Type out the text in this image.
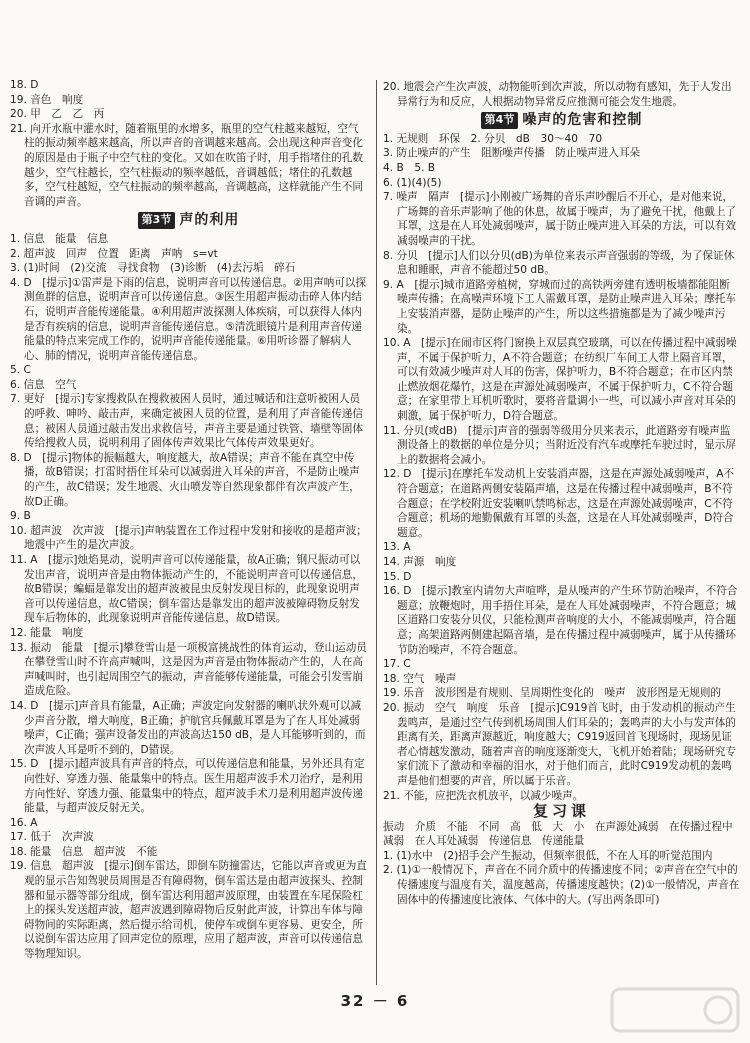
18. D

19. 音色　响度

20. 甲　乙　乙　丙

21. 向开水瓶中灌水时，随着瓶里的水增多，瓶里的空气柱越来越短，空气柱的振动频率越来越高，所以声音的音调越来越高。会出现这种声音变化的原因是由于瓶子中空气柱的变化。又如在吹笛子时，用手指堵住的孔数越少，空气柱越长，空气柱振动的频率越低，音调越低；堵住的孔数越多，空气柱越短，空气柱振动的频率越高，音调越高，这样就能产生不同音调的声音。

第3节 声的利用

1. 信息　能量　信息

2. 超声波　回声　位置　距离　声呐　s=vt

3. (1)时间　(2)交流　寻找食物　(3)诊断　(4)去污垢　碎石

4. D　[提示]①雷声是下雨的信息，说明声音可以传递信息。②用声呐可以探测鱼群的信息，说明声音可以传递信息。③医生用超声振动击碎人体内结石，说明声音能传递能量。④利用超声波探测人体疾病，可以获得人体内是否有疾病的信息，说明声音能传递信息。⑤清洗眼镜片是利用声音传递能量的特点来完成工作的，说明声音能传递能量。⑥用听诊器了解病人心、肺的情况，说明声音能传递信息。

5. C

6. 信息　空气

7. 更好　[提示]专家搜救队在搜救被困人员时，通过喊话和注意听被困人员的呼救、呻吟、敲击声，来确定被困人员的位置，是利用了声音能传递信息；被困人员通过敲击发出求救信号，声音主要是通过铁管、墙壁等固体传给搜救人员，说明利用了固体传声效果比气体传声效果更好。

8. D　[提示]物体的振幅越大，响度越大，故A错误；声音不能在真空中传播，故B错误；打雷时捂住耳朵可以减弱进入耳朵的声音，不是防止噪声的产生，故C错误；发生地震、火山喷发等自然现象都伴有次声波产生，故D正确。

9. B

10. 超声波　次声波　[提示]声呐装置在工作过程中发射和接收的是超声波；地震中产生的是次声波。

11. A　[提示]烛焰晃动，说明声音可以传递能量，故A正确；钢尺振动可以发出声音，说明声音是由物体振动产生的，不能说明声音可以传递信息，故B错误；蝙蝠是靠发出的超声波被昆虫反射发现目标的，此现象说明声音可以传递信息，故C错误；倒车雷达是靠发出的超声波被障碍物反射发现车后物体的，此现象说明声音能传递信息，故D错误。

12. 能量　响度

13. 振动　能量　[提示]攀登雪山是一项极富挑战性的体育运动，登山运动员在攀登雪山时不许高声喊叫，这是因为声音是由物体振动产生的，人在高声喊叫时，也引起周围空气的振动，声音能够传递能量，可能会引发雪崩造成危险。

14. D　[提示]声音具有能量，A正确；声波定向发射器的喇叭状外观可以减少声音分散，增大响度，B正确；护航官兵佩戴耳罩是为了在人耳处减弱噪声，C正确；强声设备发出的声波高达150 dB，是人耳能够听到的，而次声波人耳是听不到的，D错误。

15. D　[提示]超声波具有声音的特点，可以传递信息和能量，另外还具有定向性好、穿透力强、能量集中的特点。医生用超声波手术刀治疗，是利用方向性好、穿透力强、能量集中的特点，超声波手术刀是利用超声波传递能量，与超声波反射无关。

16. A

17. 低于　次声波

18. 能量　信息　超声波　不能

19. 信息　超声波　[提示]倒车雷达，即倒车防撞雷达，它能以声音或更为直观的显示告知驾驶员周围是否有障碍物，倒车雷达是由超声波探头、控制器和显示器等部分组成，倒车雷达利用超声波原理，由装置在车尾保险杠上的探头发送超声波，超声波遇到障碍物后反射此声波，计算出车体与障碍物间的实际距离，然后提示给司机，使停车或倒车更容易、更安全，所以说倒车雷达应用了回声定位的原理，应用了超声波，声音可以传递信息等物理知识。

20. 地震会产生次声波，动物能听到次声波，所以动物有感知，先于人发出异常行为和反应，人根据动物异常反应推测可能会发生地震。

第4节 噪声的危害和控制

1. 无规则　环保　2. 分贝　dB　30～40　70

3. 防止噪声的产生　阻断噪声传播　防止噪声进入耳朵

4. B　5. B

6. (1)(4)(5)

7. 噪声　隔声　[提示]小刚被广场舞的音乐声吵醒后不开心，是对他来说，广场舞的音乐声影响了他的休息，故属于噪声，为了避免干扰，他戴上了耳罩，这是在人耳处减弱噪声，属于防止噪声进入耳朵的方法，可以有效减弱噪声的干扰。

8. 分贝　[提示]人们以分贝(dB)为单位来表示声音强弱的等级，为了保证休息和睡眠，声音不能超过50 dB。

9. A　[提示]城市道路旁植树，穿城而过的高铁两旁建有透明板墙都能阻断噪声传播；在高噪声环境下工人需戴耳罩，是防止噪声进入耳朵；摩托车上安装消声器，是防止噪声的产生，所以这些措施都是为了减少噪声污染。

10. A　[提示]在闹市区将门窗换上双层真空玻璃，可以在传播过程中减弱噪声，不属于保护听力，A不符合题意；在纺织厂车间工人带上隔音耳罩，可以有效减少噪声对人耳的伤害，保护听力，B不符合题意；在市区内禁止燃放烟花爆竹，这是在声源处减弱噪声，不属于保护听力，C不符合题意；在家里带上耳机听歌时，要将音量调小一些，可以减小声音对耳朵的刺激，属于保护听力，D符合题意。

11. 分贝(或dB)　[提示]声音的强弱等级用分贝来表示，此道路旁有噪声监测设备上的数据的单位是分贝；当附近没有汽车或摩托车驶过时，显示屏上的数据将会减小。

12. D　[提示]在摩托车发动机上安装消声器，这是在声源处减弱噪声，A不符合题意；在道路两侧安装隔声墙，这是在传播过程中减弱噪声，B不符合题意；在学校附近安装喇叭禁鸣标志，这是在声源处减弱噪声，C不符合题意；机场的地勤佩戴有耳罩的头盔，这是在人耳处减弱噪声，D符合题意。

13. A

14. 声源　响度

15. D

16. D　[提示]教室内请勿大声喧哗，是从噪声的产生环节防治噪声，不符合题意；放鞭炮时，用手捂住耳朵，是在人耳处减弱噪声，不符合题意；城区道路口安装分贝仪，只能检测声音响度的大小，不能减弱噪声，符合题意；高架道路两侧建起隔音墙，是在传播过程中减弱噪声，属于从传播环节防治噪声，不符合题意。

17. C

18. 空气　噪声

19. 乐音　波形图是有规则、呈周期性变化的　噪声　波形图是无规则的

20. 振动　空气　响度　乐音　[提示]C919首飞时，由于发动机的振动产生轰鸣声，是通过空气传到机场周围人们耳朵的；轰鸣声的大小与发声体的距离有关，距离声源越近，响度越大；C919返回首飞现场时，现场见证者心情越发激动，随着声音的响度逐渐变大，飞机开始着陆；现场研究专家们流下了激动和幸福的泪水，对于他们而言，此时C919发动机的轰鸣声是他们想要的声音，所以属于乐音。

21. 不能，应把洗衣机放平，以减少噪声。

复习课

振动　介质　不能　不同　高　低　大　小　在声源处减弱　在传播过程中减弱　在人耳处减弱　传递信息　传递能量

1. (1)水中　(2)招手会产生振动，但频率很低，不在人耳的听觉范围内

2. (1)①一般情况下，声音在不同介质中的传播速度不同；②声音在空气中的传播速度与温度有关，温度越高，传播速度越快；(2)①一般情况，声音在固体中的传播速度比液体、气体中的大。(写出两条即可)

32 － 6
